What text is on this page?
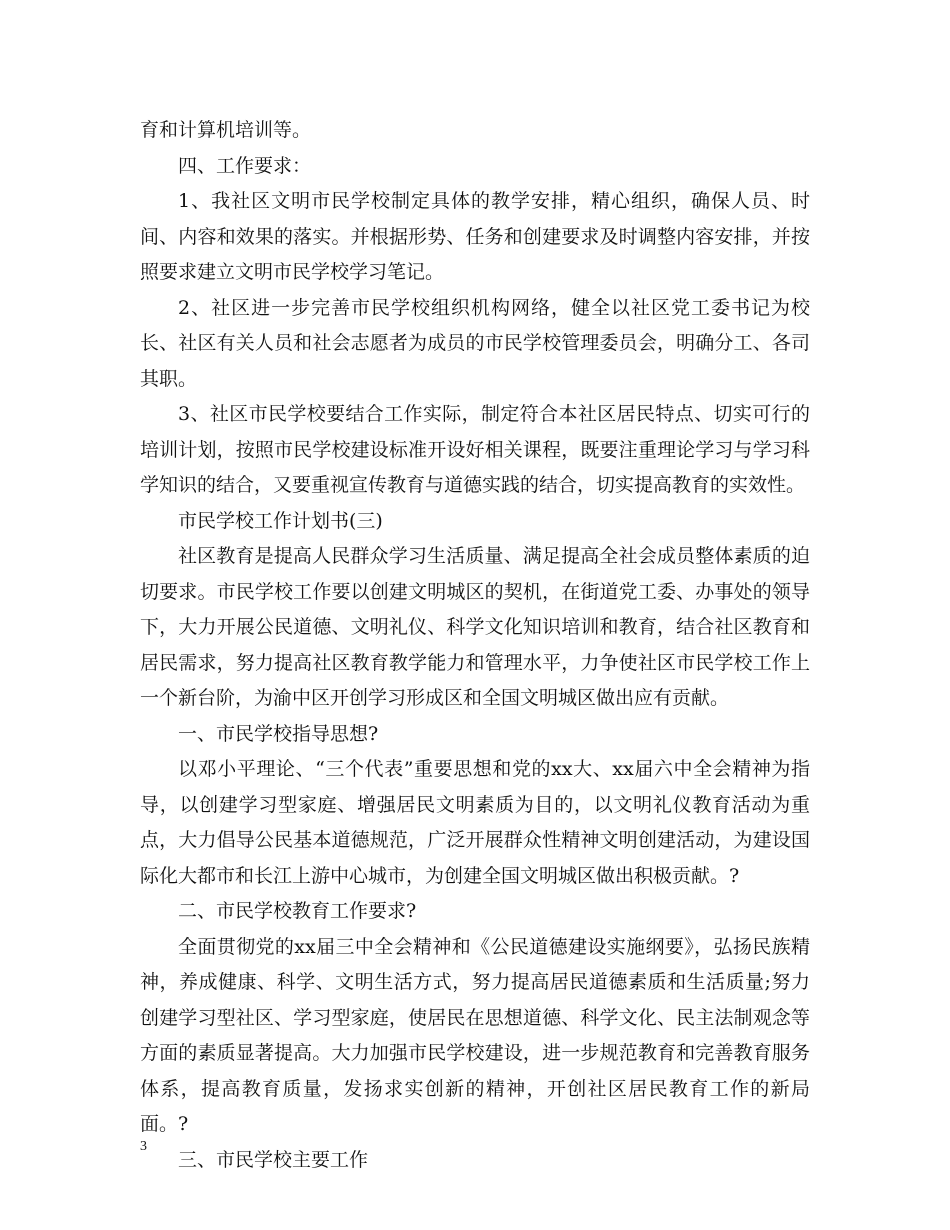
育和计算机培训等。

四、工作要求：

1、我社区文明市民学校制定具体的教学安排，精心组织，确保人员、时间、内容和效果的落实。并根据形势、任务和创建要求及时调整内容安排，并按照要求建立文明市民学校学习笔记。

2、社区进一步完善市民学校组织机构网络，健全以社区党工委书记为校长、社区有关人员和社会志愿者为成员的市民学校管理委员会，明确分工、各司其职。

3、社区市民学校要结合工作实际，制定符合本社区居民特点、切实可行的培训计划，按照市民学校建设标准开设好相关课程，既要注重理论学习与学习科学知识的结合，又要重视宣传教育与道德实践的结合，切实提高教育的实效性。

市民学校工作计划书(三)

社区教育是提高人民群众学习生活质量、满足提高全社会成员整体素质的迫切要求。市民学校工作要以创建文明城区的契机，在街道党工委、办事处的领导下，大力开展公民道德、文明礼仪、科学文化知识培训和教育，结合社区教育和居民需求，努力提高社区教育教学能力和管理水平，力争使社区市民学校工作上一个新台阶，为渝中区开创学习形成区和全国文明城区做出应有贡献。

一、市民学校指导思想?

以邓小平理论、“三个代表”重要思想和党的xx大、xx届六中全会精神为指导，以创建学习型家庭、增强居民文明素质为目的，以文明礼仪教育活动为重点，大力倡导公民基本道德规范，广泛开展群众性精神文明创建活动，为建设国际化大都市和长江上游中心城市，为创建全国文明城区做出积极贡献。?

二、市民学校教育工作要求?

全面贯彻党的xx届三中全会精神和《公民道德建设实施纲要》，弘扬民族精神，养成健康、科学、文明生活方式，努力提高居民道德素质和生活质量;努力创建学习型社区、学习型家庭，使居民在思想道德、科学文化、民主法制观念等方面的素质显著提高。大力加强市民学校建设，进一步规范教育和完善教育服务体系，提高教育质量，发扬求实创新的精神，开创社区居民教育工作的新局面。?

三、市民学校主要工作

3
